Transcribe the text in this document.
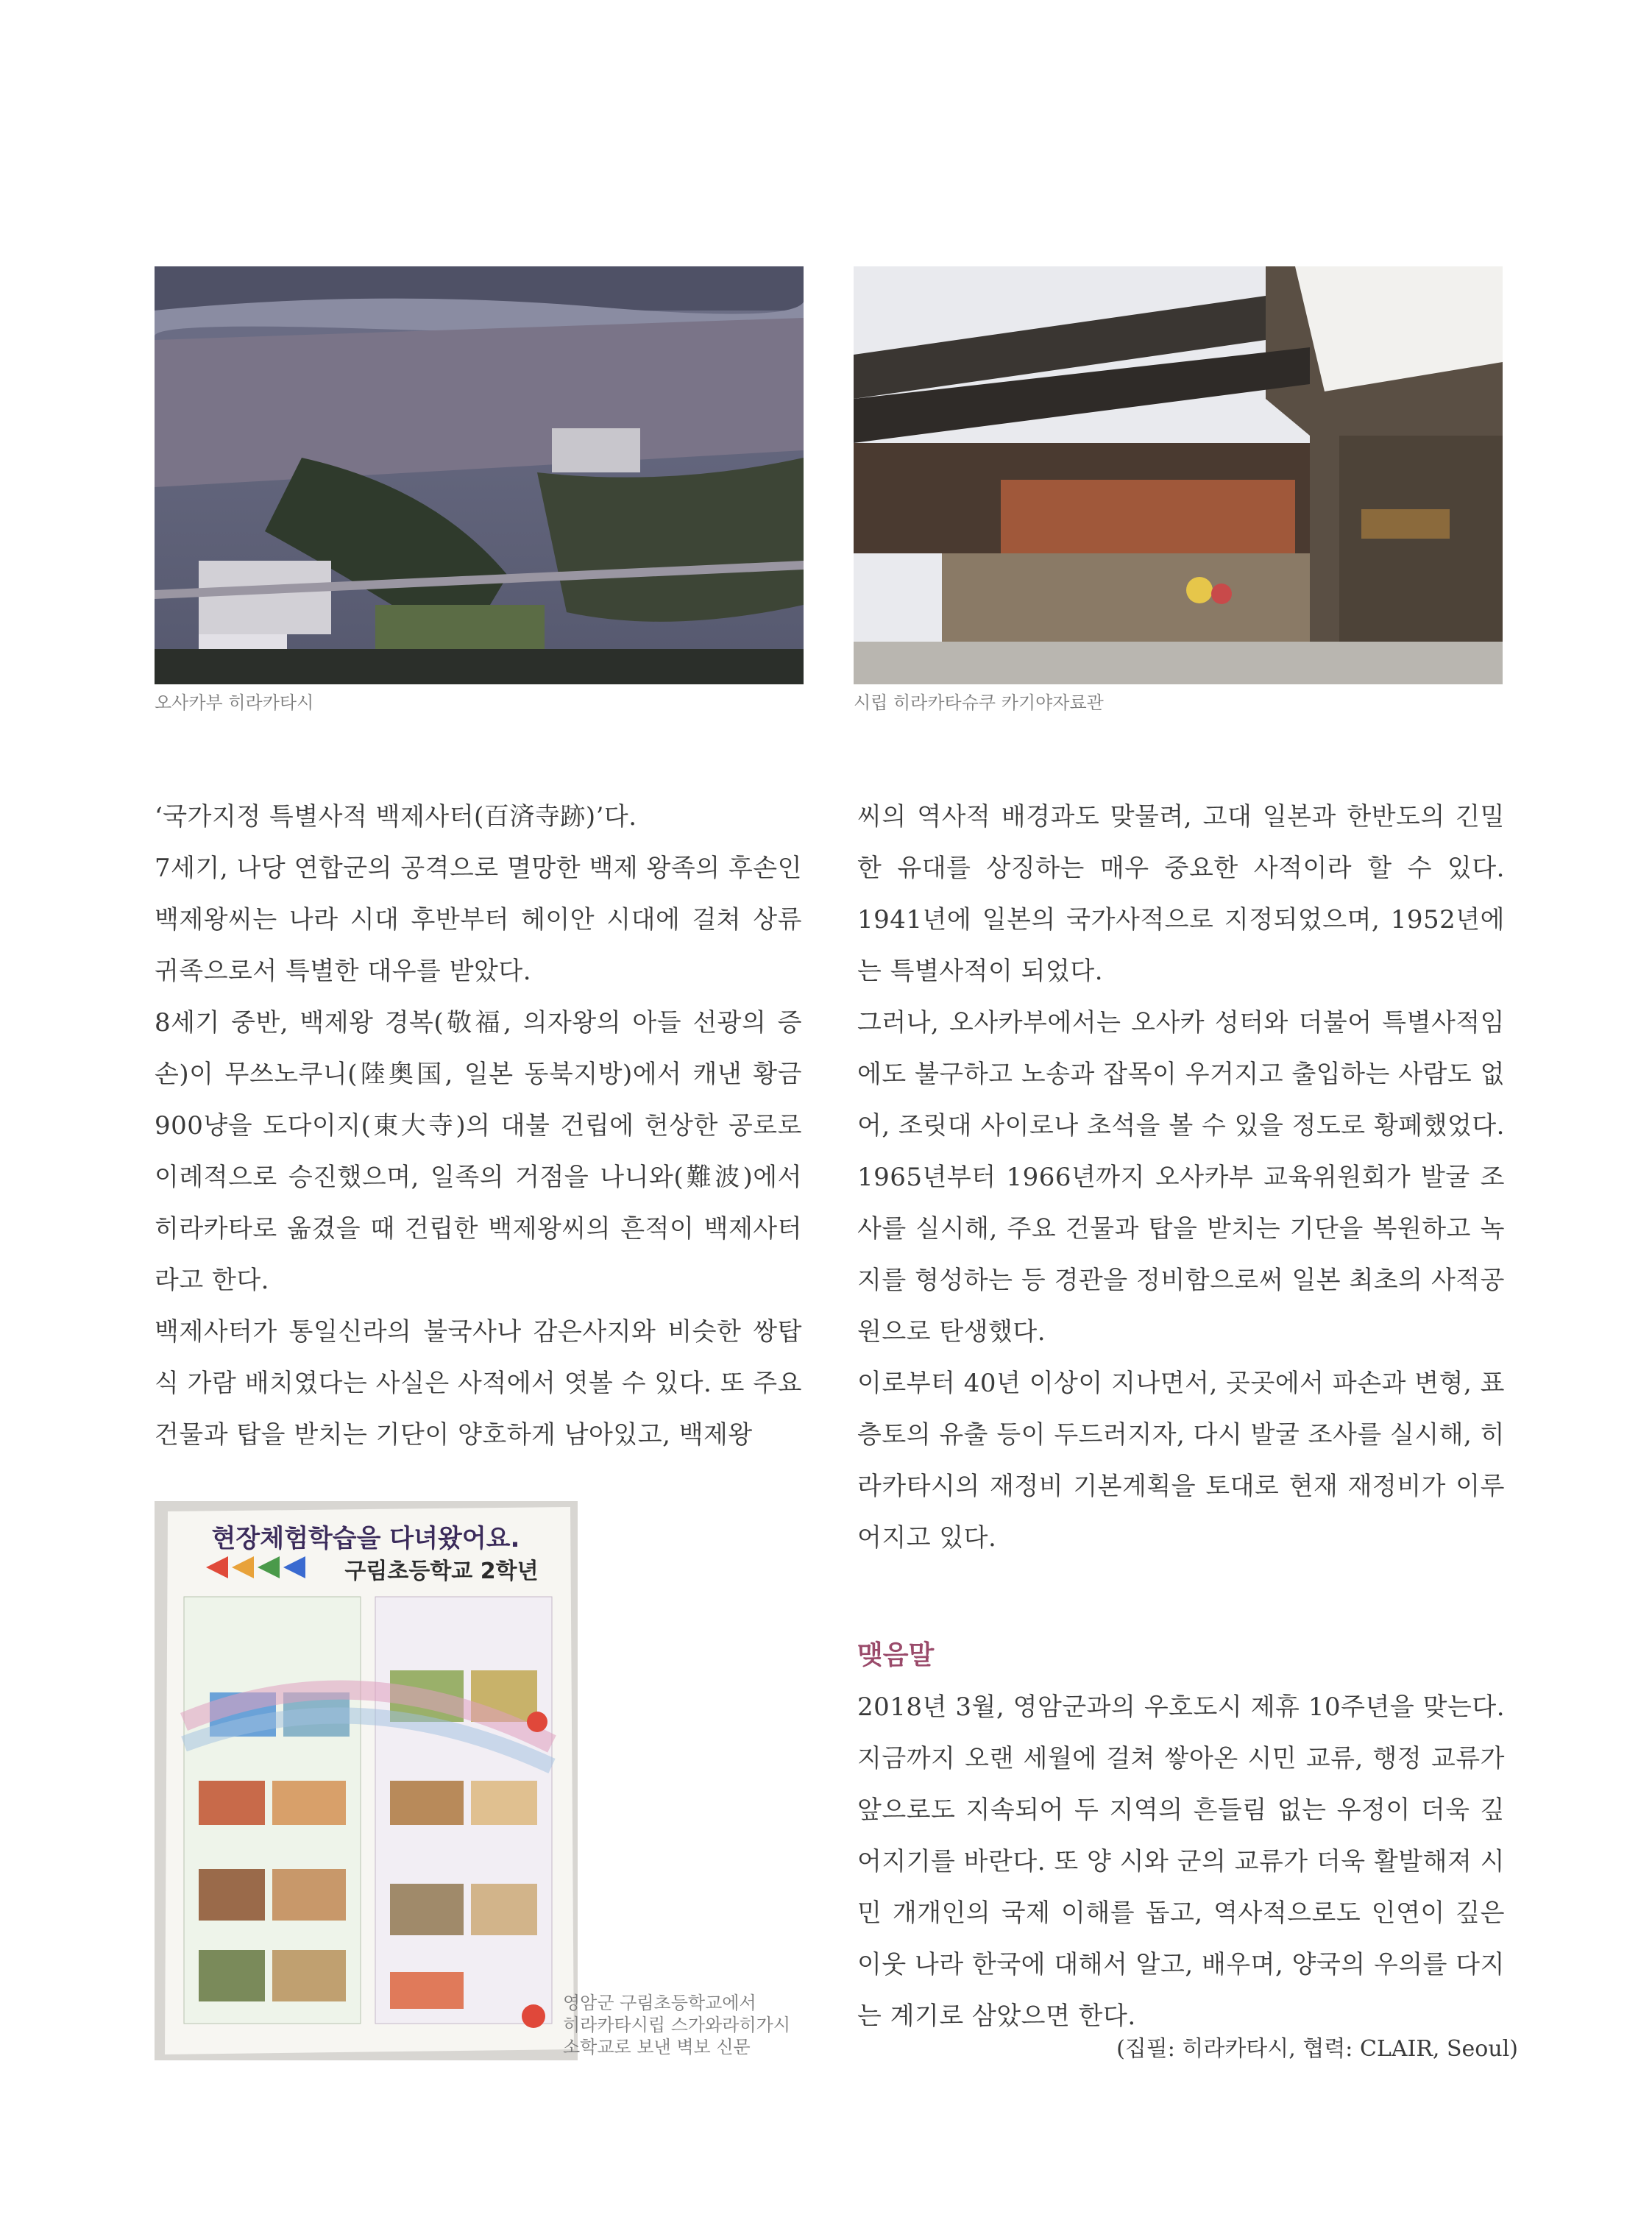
오사카부 히라카타시	시립 히라카타슈쿠 카기야자료관

‘국가지정 특별사적 백제사터(百済寺跡)’다.

7세기, 나당 연합군의 공격으로 멸망한 백제 왕족의 후손인 백제왕씨는 나라 시대 후반부터 헤이안 시대에 걸쳐 상류 귀족으로서 특별한 대우를 받았다.

8세기 중반, 백제왕 경복(敬福, 의자왕의 아들 선광의 증손)이 무쓰노쿠니(陸奥国, 일본 동북지방)에서 캐낸 황금 900냥을 도다이지(東大寺)의 대불 건립에 헌상한 공로로 이례적으로 승진했으며, 일족의 거점을 나니와(難波)에서 히라카타로 옮겼을 때 건립한 백제왕씨의 흔적이 백제사터라고 한다.

백제사터가 통일신라의 불국사나 감은사지와 비슷한 쌍탑식 가람 배치였다는 사실은 사적에서 엿볼 수 있다. 또 주요 건물과 탑을 받치는 기단이 양호하게 남아있고, 백제왕

씨의 역사적 배경과도 맞물려, 고대 일본과 한반도의 긴밀한 유대를 상징하는 매우 중요한 사적이라 할 수 있다. 1941년에 일본의 국가사적으로 지정되었으며, 1952년에는 특별사적이 되었다.

그러나, 오사카부에서는 오사카 성터와 더불어 특별사적임에도 불구하고 노송과 잡목이 우거지고 출입하는 사람도 없어, 조릿대 사이로나 초석을 볼 수 있을 정도로 황폐했었다.

1965년부터 1966년까지 오사카부 교육위원회가 발굴 조사를 실시해, 주요 건물과 탑을 받치는 기단을 복원하고 녹지를 형성하는 등 경관을 정비함으로써 일본 최초의 사적공원으로 탄생했다.

이로부터 40년 이상이 지나면서, 곳곳에서 파손과 변형, 표층토의 유출 등이 두드러지자, 다시 발굴 조사를 실시해, 히라카타시의 재정비 기본계획을 토대로 현재 재정비가 이루어지고 있다.

현장체험학습을 다녀왔어요.
구림초등학교 2학년
영암군 구림초등학교에서
히라카타시립 스가와라히가시
소학교로 보낸 벽보 신문
맺음말

2018년 3월, 영암군과의 우호도시 제휴 10주년을 맞는다. 지금까지 오랜 세월에 걸쳐 쌓아온 시민 교류, 행정 교류가 앞으로도 지속되어 두 지역의 흔들림 없는 우정이 더욱 깊어지기를 바란다. 또 양 시와 군의 교류가 더욱 활발해져 시민 개개인의 국제 이해를 돕고, 역사적으로도 인연이 깊은 이웃 나라 한국에 대해서 알고, 배우며, 양국의 우의를 다지는 계기로 삼았으면 한다.

(집필: 히라카타시, 협력: CLAIR, Seoul)
